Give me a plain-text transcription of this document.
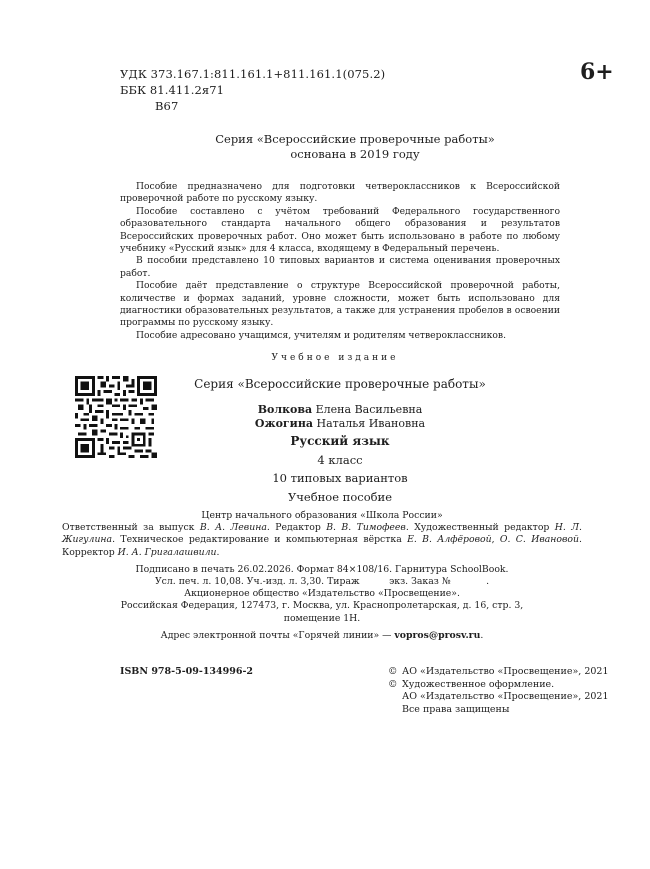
УДК 373.167.1:811.161.1+811.161.1(075.2)
ББК 81.411.2я71
В67
6+
Серия «Всероссийские проверочные работы»
основана в 2019 году

Пособие предназначено для подготовки четвероклассников к Всероссийской проверочной работе по русскому языку.

Пособие составлено с учётом требований Федерального государственного образовательного стандарта начального общего образования и результатов Всероссийских проверочных работ. Оно может быть использовано в работе по любому учебнику «Русский язык» для 4 класса, входящему в Федеральный перечень.

В пособии представлено 10 типовых вариантов и система оценивания проверочных работ.

Пособие даёт представление о структуре Всероссийской проверочной работы, количестве и формах заданий, уровне сложности, может быть использовано для диагностики образовательных результатов, а также для устранения пробелов в освоении программы по русскому языку.

Пособие адресовано учащимся, учителям и родителям четвероклассников.

Учебное издание
Серия «Всероссийские проверочные работы»
Волкова Елена Васильевна
Ожогина Наталья Ивановна
Русский язык
4 класс
10 типовых вариантов
Учебное пособие
Центр начального образования «Школа России»
Ответственный за выпуск В. А. Левина. Редактор В. В. Тимофеев. Художественный редактор Н. Л. Жигулина. Техническое редактирование и компьютерная вёрстка Е. В. Алфёровой, О. С. Ивановой. Корректор И. А. Григалашвили.
Подписано в печать 26.02.2026. Формат 84×108/16. Гарнитура SchoolBook.
Усл. печ. л. 10,08. Уч.-изд. л. 3,30. Тираж          экз. Заказ №            .
Акционерное общество «Издательство «Просвещение».
Российская Федерация, 127473, г. Москва, ул. Краснопролетарская, д. 16, стр. 3,
помещение 1Н.
Адрес электронной почты «Горячей линии» — vopros@prosv.ru.
ISBN 978-5-09-134996-2	© АО «Издательство «Просвещение», 2021
© Художественное оформление.
АО «Издательство «Просвещение», 2021
Все права защищены
